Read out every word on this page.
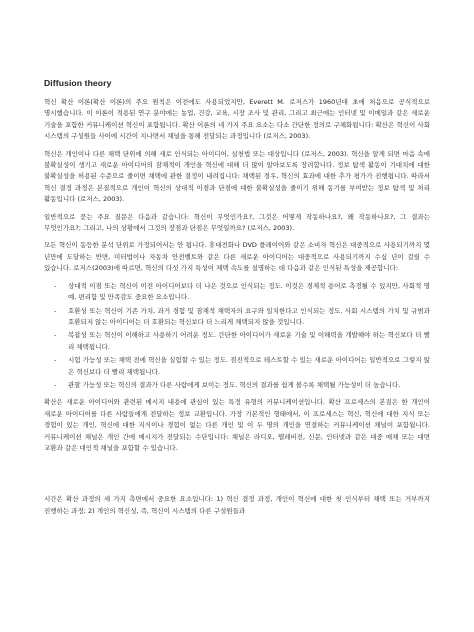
Diffusion theory

혁신 확산 이론(확산 이론)의 주요 원칙은 이전에도 사용되었지만, Everett M. 로저스가 1960년대 초에 처음으로 공식적으로 명시했습니다. 이 이론이 적용된 연구 분야에는 농업, 건강, 교육, 시장 조사 및 관리, 그리고 최근에는 인터넷 및 이메일과 같은 새로운 기술을 포함한 커뮤니케이션 혁신이 포함됩니다. 확산 이론의 네 가지 주요 요소는 다소 간단한 정의로 구체화됩니다: 확산은 혁신이 사회 시스템의 구성원들 사이에 시간이 지나면서 채널을 통해 전달되는 과정입니다 (로저스, 2003).

혁신은 개인이나 다른 채택 단위에 의해 새로 인식되는 아이디어, 실천법 또는 대상입니다 (로저스, 2003). 혁신을 알게 되면 마음 속에 불확실성이 생기고 새로운 아이디어의 잠재적이 개인을 혁신에 대해 더 많이 알아보도록 장려합니다. 정보 탐색 활동이 기대치에 대한 불확실성을 허용된 수준으로 줄이면 채택에 관한 결정이 내려집니다: 채택된 경우, 혁신의 효과에 대한 추가 평가가 진행됩니다. 따라서 혁신 결정 과정은 본질적으로 개인이 혁신의 상대적 이점과 단점에 대한 불확실성을 줄이기 위해 동기를 부여받는 정보 탐색 및 처리 활동입니다 (로저스, 2003).

일반적으로 묻는 주요 질문은 다음과 같습니다: 혁신이 무엇인가요?, 그것은 어떻게 작동하나요?, 왜 작동하나요?, 그 결과는 무엇인가요?; 그리고, 나의 상황에서 그것의 장점과 단점은 무엇일까요? (로저스, 2003).

모든 혁신이 동등한 분석 단위로 가정되어서는 안 됩니다. 휴대전화나 DVD 플레이어와 같은 소비자 혁신은 대중적으로 사용되기까지 몇 년만에 도달하는 반면, 미터법이나 자동차 안전벨트와 같은 다른 새로운 아이디어는 대중적으로 사용되기까지 수십 년이 걸릴 수 있습니다. 로저스(2003)에 따르면, 혁신의 다섯 가지 특성이 채택 속도를 설명하는 데 다음과 같은 인식된 특성을 제공합니다:

- 상대적 이점 또는 혁신이 이전 아이디어보다 더 나은 것으로 인식되는 정도. 이것은 경제적 용어로 측정될 수 있지만, 사회적 명예, 편리함 및 만족감도 중요한 요소입니다.
- 호환성 또는 혁신이 기존 가치, 과거 경험 및 잠재적 채택자의 요구와 일치한다고 인식되는 정도. 사회 시스템의 가치 및 규범과 호환되지 않는 아이디어는 더 호환되는 혁신보다 더 느리게 채택되지 않을 것입니다.
- 복잡성 또는 혁신이 이해하고 사용하기 어려운 정도. 간단한 아이디어가 새로운 기술 및 이해력을 개발해야 하는 혁신보다 더 빨리 채택됩니다.
- 시험 가능성 또는 채택 전에 혁신을 실험할 수 있는 정도. 점진적으로 테스트할 수 있는 새로운 아이디어는 일반적으로 그렇지 않은 혁신보다 더 빨리 채택됩니다.
- 관찰 가능성 또는 혁신의 결과가 다른 사람에게 보이는 정도. 혁신의 결과를 쉽게 볼수록 채택될 가능성이 더 높습니다.

확산은 새로운 아이디어와 관련된 메시지 내용에 관심이 있는 특정 유형의 커뮤니케이션입니다. 확산 프로세스의 본질은 한 개인이 새로운 아이디어를 다른 사람들에게 전달하는 정보 교환입니다. 가장 기본적인 형태에서, 이 프로세스는 혁신, 혁신에 대한 지식 또는 경험이 있는 개인, 혁신에 대한 지식이나 경험이 없는 다른 개인 및 이 두 명의 개인을 연결하는 커뮤니케이션 채널이 포함됩니다. 커뮤니케이션 채널은 개인 간에 메시지가 전달되는 수단입니다: 채널은 라디오, 텔레비전, 신문, 인터넷과 같은 대중 매체 또는 대면 교환과 같은 대인적 채널을 포함할 수 있습니다.

시간은 확산 과정의 세 가지 측면에서 중요한 요소입니다: 1) 혁신 결정 과정, 개인이 혁신에 대한 첫 인식부터 채택 또는 거부까지 진행하는 과정; 2) 개인의 혁신성, 즉, 혁신이 시스템의 다른 구성원들과
